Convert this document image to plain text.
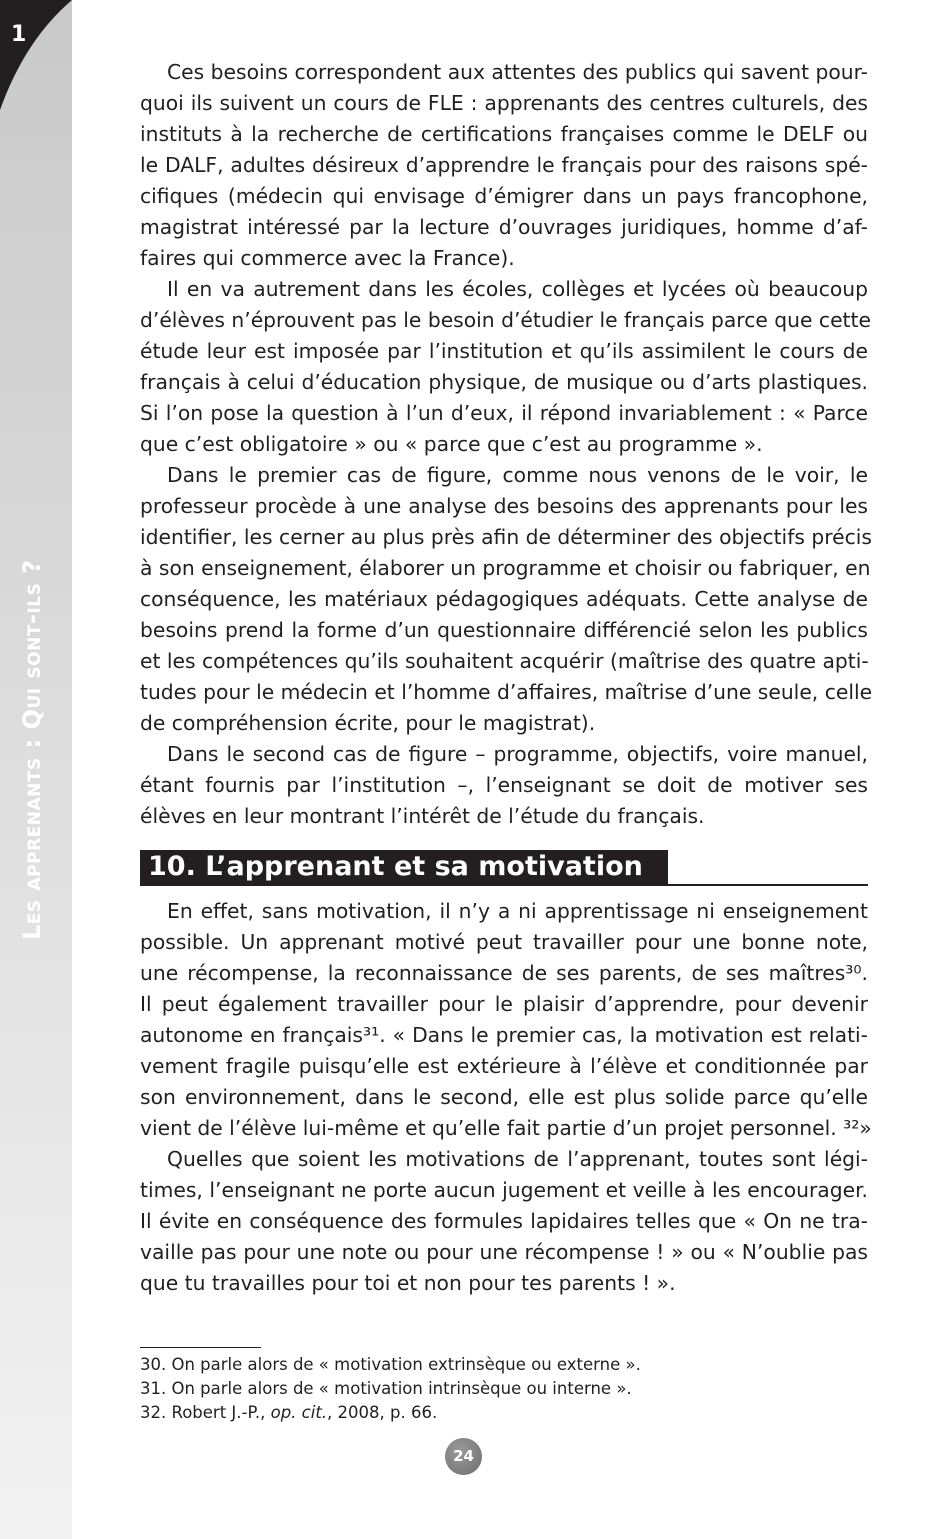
1
Les apprenants : Qui sont-ils ?
Ces besoins correspondent aux attentes des publics qui savent pour-
quoi ils suivent un cours de FLE : apprenants des centres culturels, des
instituts à la recherche de certifications françaises comme le DELF ou
le DALF, adultes désireux d’apprendre le français pour des raisons spé-
cifiques (médecin qui envisage d’émigrer dans un pays francophone,
magistrat intéressé par la lecture d’ouvrages juridiques, homme d’af-
faires qui commerce avec la France).
Il en va autrement dans les écoles, collèges et lycées où beaucoup
d’élèves n’éprouvent pas le besoin d’étudier le français parce que cette
étude leur est imposée par l’institution et qu’ils assimilent le cours de
français à celui d’éducation physique, de musique ou d’arts plastiques.
Si l’on pose la question à l’un d’eux, il répond invariablement : « Parce
que c’est obligatoire » ou « parce que c’est au programme ».
Dans le premier cas de figure, comme nous venons de le voir, le
professeur procède à une analyse des besoins des apprenants pour les
identifier, les cerner au plus près afin de déterminer des objectifs précis
à son enseignement, élaborer un programme et choisir ou fabriquer, en
conséquence, les matériaux pédagogiques adéquats. Cette analyse de
besoins prend la forme d’un questionnaire différencié selon les publics
et les compétences qu’ils souhaitent acquérir (maîtrise des quatre apti-
tudes pour le médecin et l’homme d’affaires, maîtrise d’une seule, celle
de compréhension écrite, pour le magistrat).
Dans le second cas de figure – programme, objectifs, voire manuel,
étant fournis par l’institution –, l’enseignant se doit de motiver ses
élèves en leur montrant l’intérêt de l’étude du français.
10. L’apprenant et sa motivation
En effet, sans motivation, il n’y a ni apprentissage ni enseignement
possible. Un apprenant motivé peut travailler pour une bonne note,
une récompense, la reconnaissance de ses parents, de ses maîtres³⁰.
Il peut également travailler pour le plaisir d’apprendre, pour devenir
autonome en français³¹. « Dans le premier cas, la motivation est relati-
vement fragile puisqu’elle est extérieure à l’élève et conditionnée par
son environnement, dans le second, elle est plus solide parce qu’elle
vient de l’élève lui-même et qu’elle fait partie d’un projet personnel. ³²»
Quelles que soient les motivations de l’apprenant, toutes sont légi-
times, l’enseignant ne porte aucun jugement et veille à les encourager.
Il évite en conséquence des formules lapidaires telles que « On ne tra-
vaille pas pour une note ou pour une récompense ! » ou « N’oublie pas
que tu travailles pour toi et non pour tes parents ! ».
30. On parle alors de « motivation extrinsèque ou externe ».
31. On parle alors de « motivation intrinsèque ou interne ».
32. Robert J.-P., op. cit., 2008, p. 66.
24
